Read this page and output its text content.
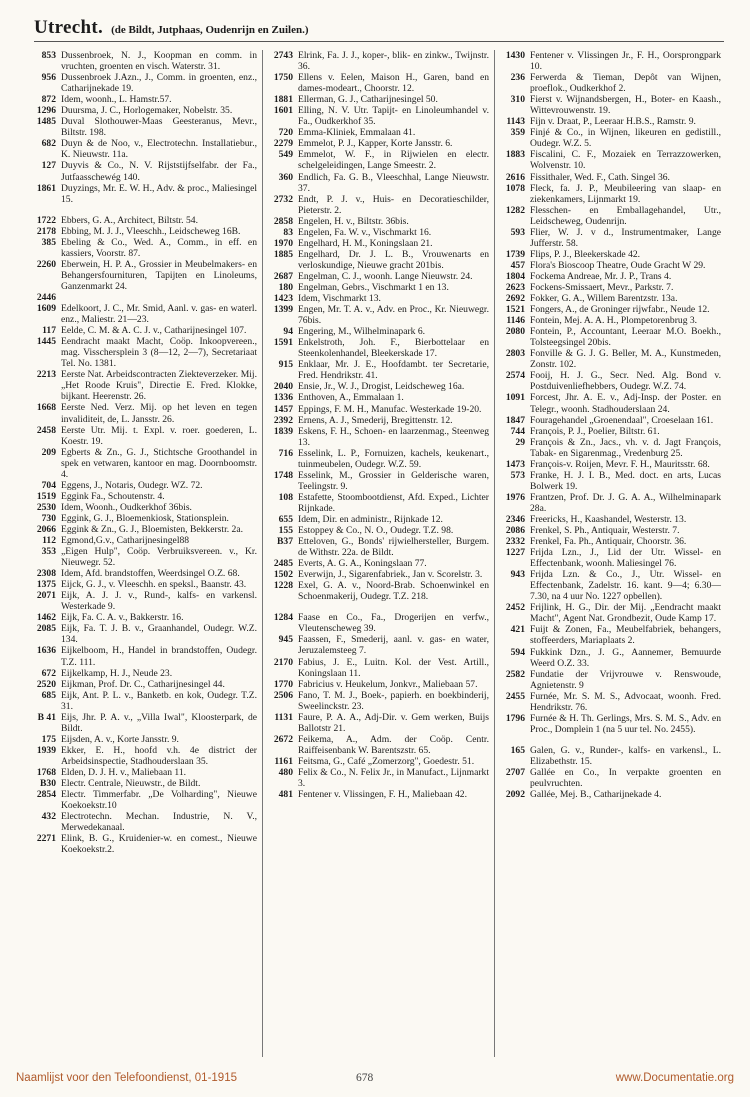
Utrecht. (de Bildt, Jutphaas, Oudenrijn en Zuilen.)
853 Dussenbroek, N. J., Koopman en comm. in vruchten, groenten en visch. Waterstr. 31.
956 Dussenbroek J.Azn., J., Comm. in groenten, enz., Catharijnekade 19.
872 Idem, woonh., L. Hamstr.57.
1296 Duursma, J. C., Horlogemaker, Nobelstr. 35.
1485 Duval Slothouwer-Maas Geesteranus, Mevr., Biltstr. 198.
682 Duyn & de Noo, v., Electrotechn. Installatiebur., K. Nieuwstr. 11a.
127 Duyvis & Co., N. V. Rijststijfselfabr. der Fa., Jutfaasschewég 140.
1861 Duyzings, Mr. E. W. H., Adv. & proc., Maliesingel 15.
1722 Ebbers, G. A., Architect, Biltstr. 54.
2178 Ebbing, M. J. J., Vleeschh., Leidscheweg 16B.
385 Ebeling & Co., Wed. A., Comm., in eff. en kassiers, Voorstr. 87.
2260 Eberwein, H. P. A., Grossier in Meubelmakers- en Behangersfournituren, Tapijten en Linoleums, Ganzenmarkt 24.
2446
1609 Edelkoort, J. C., Mr. Smid, Aanl. v. gas- en waterl. enz., Maliestr. 21—23.
117 Eelde, C. M. & A. C. J. v., Catharijnesingel 107.
1445 Eendracht maakt Macht, Coöp. Inkoopvereen., mag. Visschersplein 3 (8—12, 2—7), Secretariaat Tel. No. 1381.
2213 Eerste Nat. Arbeidscontracten Ziekteverzeker. Mij. „Het Roode Kruis", Directie E. Fred. Klokke, bijkant. Heerenstr. 26.
1668 Eerste Ned. Verz. Mij. op het leven en tegen invaliditeit, de, L. Jansstr. 26.
2458 Eerste Utr. Mij. t. Expl. v. roer. goederen, L. Koestr. 19.
209 Egberts & Zn., G. J., Stichtsche Groothandel in spek en vetwaren, kantoor en mag. Doornboomstr. 4.
704 Eggens, J., Notaris, Oudegr. WZ. 72.
1519 Eggink Fa., Schoutenstr. 4.
2530 Idem, Woonh., Oudkerkhof 36bis.
730 Eggink, G. J., Bloemenkiosk, Stationsplein.
2066 Eggink & Zn., G. J., Bloemisten, Bekkerstr. 2a.
112 Egmond,G.v., Catharijnesingel88
353 „Eigen Hulp", Coöp. Verbruiksvereen. v., Kr. Nieuwegr. 52.
2308 Idem, Afd. brandstoffen, Weerdsingel O.Z. 68.
1375 Eijck, G. J., v. Vleeschh. en speksl., Baanstr. 43.
2071 Eijk, A. J. J. v., Rund-, kalfs- en varkensl. Westerkade 9.
1462 Eijk, Fa. C. A. v., Bakkerstr. 16.
2085 Eijk, Fa. T. J. B. v., Graanhandel, Oudegr. W.Z. 134.
1636 Eijkelboom, H., Handel in brandstoffen, Oudegr. T.Z. 111.
672 Eijkelkamp, H. J., Neude 23.
2520 Eijkman, Prof. Dr. C., Catharijnesingel 44.
685 Eijk, Ant. P. L. v., Banketb. en kok, Oudegr. T.Z. 31.
B 41 Eijs, Jhr. P. A. v., „Villa Iwal", Kloosterpark, de Bildt.
175 Eijsden, A. v., Korte Jansstr. 9.
1939 Ekker, E. H., hoofd v.h. 4e district der Arbeidsinspectie, Stadhouderslaan 35.
1768 Elden, D. J. H. v., Maliebaan 11.
B30 Electr. Centrale, Nieuwstr., de Bildt.
2854 Electr. Timmerfabr. „De Volharding", Nieuwe Koekoekstr.10
432 Electrotechn. Mechan. Industrie, N. V., Merwedekanaal.
2271 Elink, B. G., Kruidenier-w. en comest., Nieuwe Koekoekstr.2.
2743 Elrink, Fa. J. J., koper-, blik- en zinkw., Twijnstr. 36.
1750 Ellens v. Eelen, Maison H., Garen, band en dames-modeart., Choorstr. 12.
1881 Ellerman, G. J., Catharijnesingel 50.
1601 Elling, N. V. Utr. Tapijt- en Linoleumhandel v. Fa., Oudkerkhof 35.
720 Emma-Kliniek, Emmalaan 41.
2279 Emmelot, P. J., Kapper, Korte Jansstr. 6.
549 Emmelot, W. F., in Rijwielen en electr. schelgeleidingen, Lange Smeestr. 2.
360 Endlich, Fa. G. B., Vleeschhal, Lange Nieuwstr. 37.
2732 Endt, P. J. v., Huis- en Decoratieschilder, Pieterstr. 2.
2858 Engelen, H. v., Biltstr. 36bis.
83 Engelen, Fa. W. v., Vischmarkt 16.
1970 Engelhard, H. M., Koningslaan 21.
1885 Engelhard, Dr. J. L. B., Vrouwenarts en verloskundige, Nieuwe gracht 201bis.
2687 Engelman, C. J., woonh. Lange Nieuwstr. 24.
180 Engelman, Gebrs., Vischmarkt 1 en 13.
1423 Idem, Vischmarkt 13.
1399 Engen, Mr. T. A. v., Adv. en Proc., Kr. Nieuwegr. 76bis.
94 Engering, M., Wilhelminapark 6.
1591 Enkelstroth, Joh. F., Bierbottelaar en Steenkolenhandel, Bleekerskade 17.
915 Enklaar, Mr. J. E., Hoofdambt. ter Secretarie, Fred. Hendrikstr. 41.
2040 Ensie, Jr., W. J., Drogist, Leidscheweg 16a.
1336 Enthoven, A., Emmalaan 1.
1457 Eppings, F. M. H., Manufac. Westerkade 19-20.
2392 Ernens, A. J., Smederij, Bregittenstr. 12.
1839 Eskens, F. H., Schoen- en laarzenmag., Steenweg 13.
716 Esselink, L. P., Fornuizen, kachels, keukenart., tuinmeubelen, Oudegr. W.Z. 59.
1748 Esselink, M., Grossier in Gelderische waren, Teelingstr. 9.
108 Estafette, Stoombootdienst, Afd. Exped., Lichter Rijnkade.
655 Idem, Dir. en administr., Rijnkade 12.
155 Estoppey & Co., N. O., Oudegr. T.Z. 98.
B37 Etteloven, G., Bonds' rijwielhersteller, Burgem. de Withstr. 22a. de Bildt.
2485 Everts, A. G. A., Koningslaan 77.
1502 Everwijn, J., Sigarenfabriek., Jan v. Scorelstr. 3.
1228 Exel, G. A. v., Noord-Brab. Schoenwinkel en Schoenmakerij, Oudegr. T.Z. 218.
1284 Faase en Co., Fa., Drogerijen en verfw., Vleutenscheweg 39.
945 Faassen, F., Smederij, aanl. v. gas- en water, Jeruzalemsteeg 7.
2170 Fabius, J. E., Luitn. Kol. der Vest. Artill., Koningslaan 11.
1770 Fabricius v. Heukelum, Jonkvr., Maliebaan 57.
2506 Fano, T. M. J., Boek-, papierh. en boekbinderij, Sweelinckstr. 23.
1131 Faure, P. A. A., Adj-Dir. v. Gem werken, Buijs Ballotstr 21.
2672 Feikema, A., Adm. der Coöp. Centr. Raiffeisenbank W. Barentszstr. 65.
1161 Feitsma, G., Café „Zomerzorg", Goedestr. 51.
480 Felix & Co., N. Felix Jr., in Manufact., Lijnmarkt 3.
481 Fentener v. Vlissingen, F. H., Maliebaan 42.
1430 Fentener v. Vlissingen Jr., F. H., Oorsprongpark 10.
236 Ferwerda & Tieman, Depôt van Wijnen, proeflok., Oudkerkhof 2.
310 Fierst v. Wijnandsbergen, H., Boter- en Kaash., Wittevrouwenstr. 19.
1143 Fijn v. Draat, P., Leeraar H.B.S., Ramstr. 9.
359 Finjé & Co., in Wijnen, likeuren en gedistill., Oudegr. W.Z. 5.
1883 Fiscalini, C. F., Mozaiek en Terrazzowerken, Wolvenstr. 10.
2616 Fissithaler, Wed. F., Cath. Singel 36.
1078 Fleck, fa. J. P., Meubileering van slaap- en ziekenkamers, Lijnmarkt 19.
1282 Flesschen- en Emballagehandel, Utr., Leidscheweg, Oudenrijn.
593 Flier, W. J. v d., Instrumentmaker, Lange Jufferstr. 58.
1739 Flips, P. J., Bleekerskade 42.
457 Flora's Bioscoop Theatre, Oude Gracht W 29.
1804 Fockema Andreae, Mr. J. P., Trans 4.
2623 Fockens-Smissaert, Mevr., Parkstr. 7.
2692 Fokker, G. A., Willem Barentzstr. 13a.
1521 Fongers, A., de Groninger rijwfabr., Neude 12.
1146 Fontein, Mej. A. A. H., Plompetorenbrug 3.
2080 Fontein, P., Accountant, Leeraar M.O. Boekh., Tolsteegsingel 20bis.
2803 Fonville & G. J. G. Beller, M. A., Kunstmeden, Zonstr. 102.
2574 Fooij, H. J. G., Secr. Ned. Alg. Bond v. Postduivenliefhebbers, Oudegr. W.Z. 74.
1091 Forcest, Jhr. A. E. v., Adj-Insp. der Poster. en Telegr., woonh. Stadhouderslaan 24.
1847 Fouragehandel „Groenendaal", Croeselaan 161.
744 François, P. J., Poelier, Biltstr. 61.
29 François & Zn., Jacs., vh. v. d. Jagt François, Tabak- en Sigarenmag., Vredenburg 25.
1473 François-v. Roijen, Mevr. F. H., Mauritsstr. 68.
573 Franke, H. J. I. B., Med. doct. en arts, Lucas Bolwerk 19.
1976 Frantzen, Prof. Dr. J. G. A. A., Wilhelminapark 28a.
2346 Freericks, H., Kaashandel, Westerstr. 13.
2086 Frenkel, S. Ph., Antiquair, Westerstr. 7.
2332 Frenkel, Fa. Ph., Antiquair, Choorstr. 36.
1227 Frijda Lzn., J., Lid der Utr. Wissel- en Effectenbank, woonh. Maliesingel 76.
943 Frijda Lzn. & Co., J., Utr. Wissel- en Effectenbank, Zadelstr. 16. kant. 9—4; 6.30—7.30, na 4 uur No. 1227 opbellen).
2452 Frijlink, H. G., Dir. der Mij. „Eendracht maakt Macht", Agent Nat. Grondbezit, Oude Kamp 17.
421 Fuijt & Zonen, Fa., Meubelfabriek, behangers, stoffeerders, Mariaplaats 2.
594 Fukkink Dzn., J. G., Aannemer, Bemuurde Weerd O.Z. 33.
2582 Fundatie der Vrijvrouwe v. Renswoude, Agnietenstr. 9
2455 Furnée, Mr. S. M. S., Advocaat, woonh. Fred. Hendrikstr. 76.
1796 Furnée & H. Th. Gerlings, Mrs. S. M. S., Adv. en Proc., Domplein 1 (na 5 uur tel. No. 2455).
165 Galen, G. v., Runder-, kalfs- en varkensl., L. Elizabethstr. 15.
2707 Gallée en Co., In verpakte groenten en peulvruchten.
2092 Gallée, Mej. B., Catharijnekade 4.
Naamlijst voor den Telefoondienst, 01-1915	678	www.Documentatie.org
